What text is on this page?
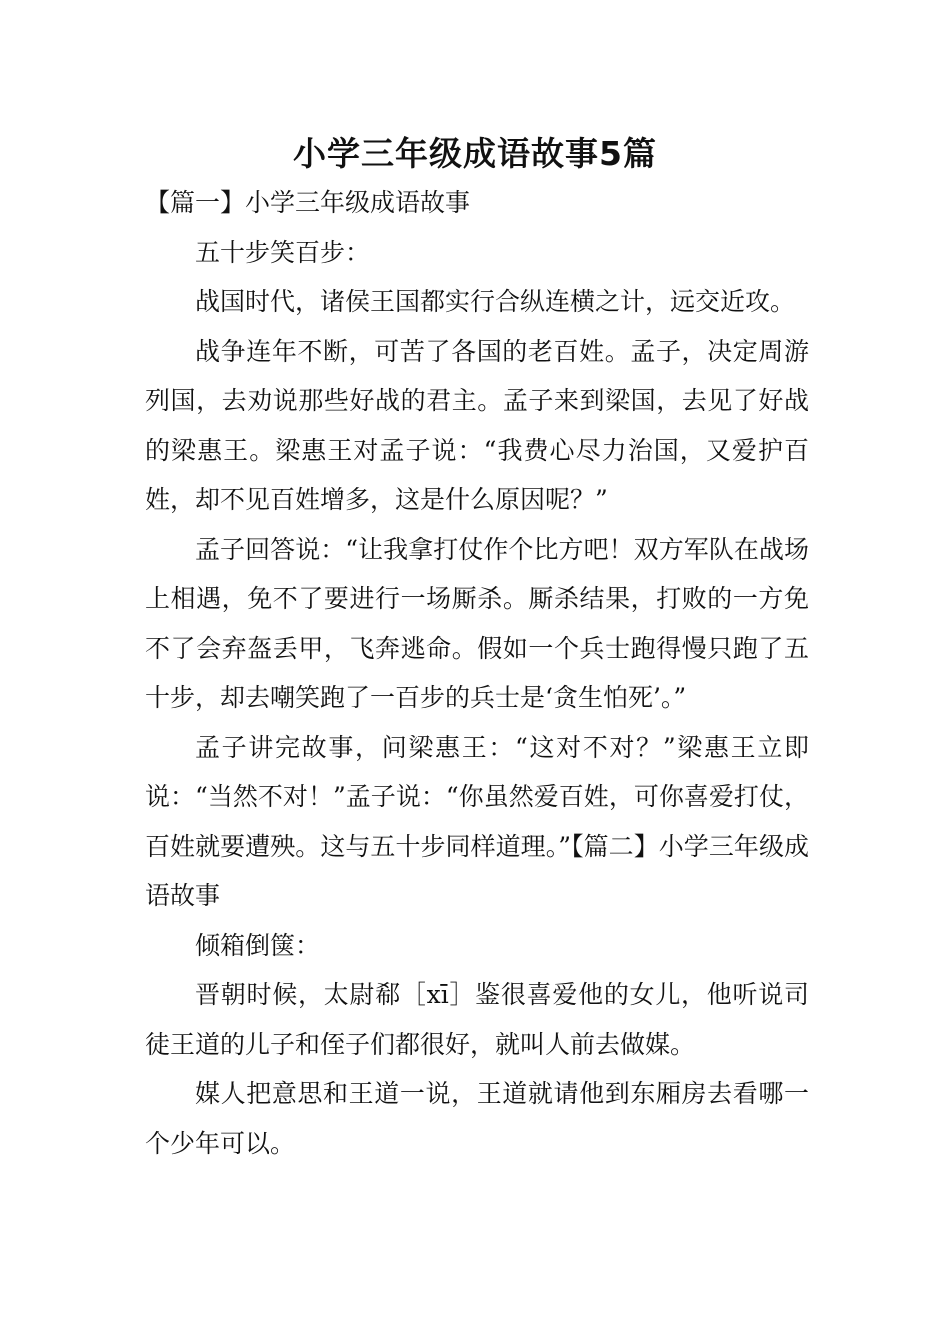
小学三年级成语故事5篇

【篇一】小学三年级成语故事

五十步笑百步：

战国时代，诸侯王国都实行合纵连横之计，远交近攻。

战争连年不断，可苦了各国的老百姓。孟子，决定周游列国，去劝说那些好战的君主。孟子来到梁国，去见了好战的梁惠王。梁惠王对孟子说：“我费心尽力治国，又爱护百姓，却不见百姓增多，这是什么原因呢？”

孟子回答说：“让我拿打仗作个比方吧！双方军队在战场上相遇，免不了要进行一场厮杀。厮杀结果，打败的一方免不了会弃盔丢甲，飞奔逃命。假如一个兵士跑得慢只跑了五十步，却去嘲笑跑了一百步的兵士是‘贪生怕死’。”

孟子讲完故事，问梁惠王：“这对不对？”梁惠王立即说：“当然不对！”孟子说：“你虽然爱百姓，可你喜爱打仗，百姓就要遭殃。这与五十步同样道理。”【篇二】小学三年级成语故事

倾箱倒箧：

晋朝时候，太尉郗［xī］鉴很喜爱他的女儿，他听说司徒王道的儿子和侄子们都很好，就叫人前去做媒。

媒人把意思和王道一说，王道就请他到东厢房去看哪一个少年可以。
